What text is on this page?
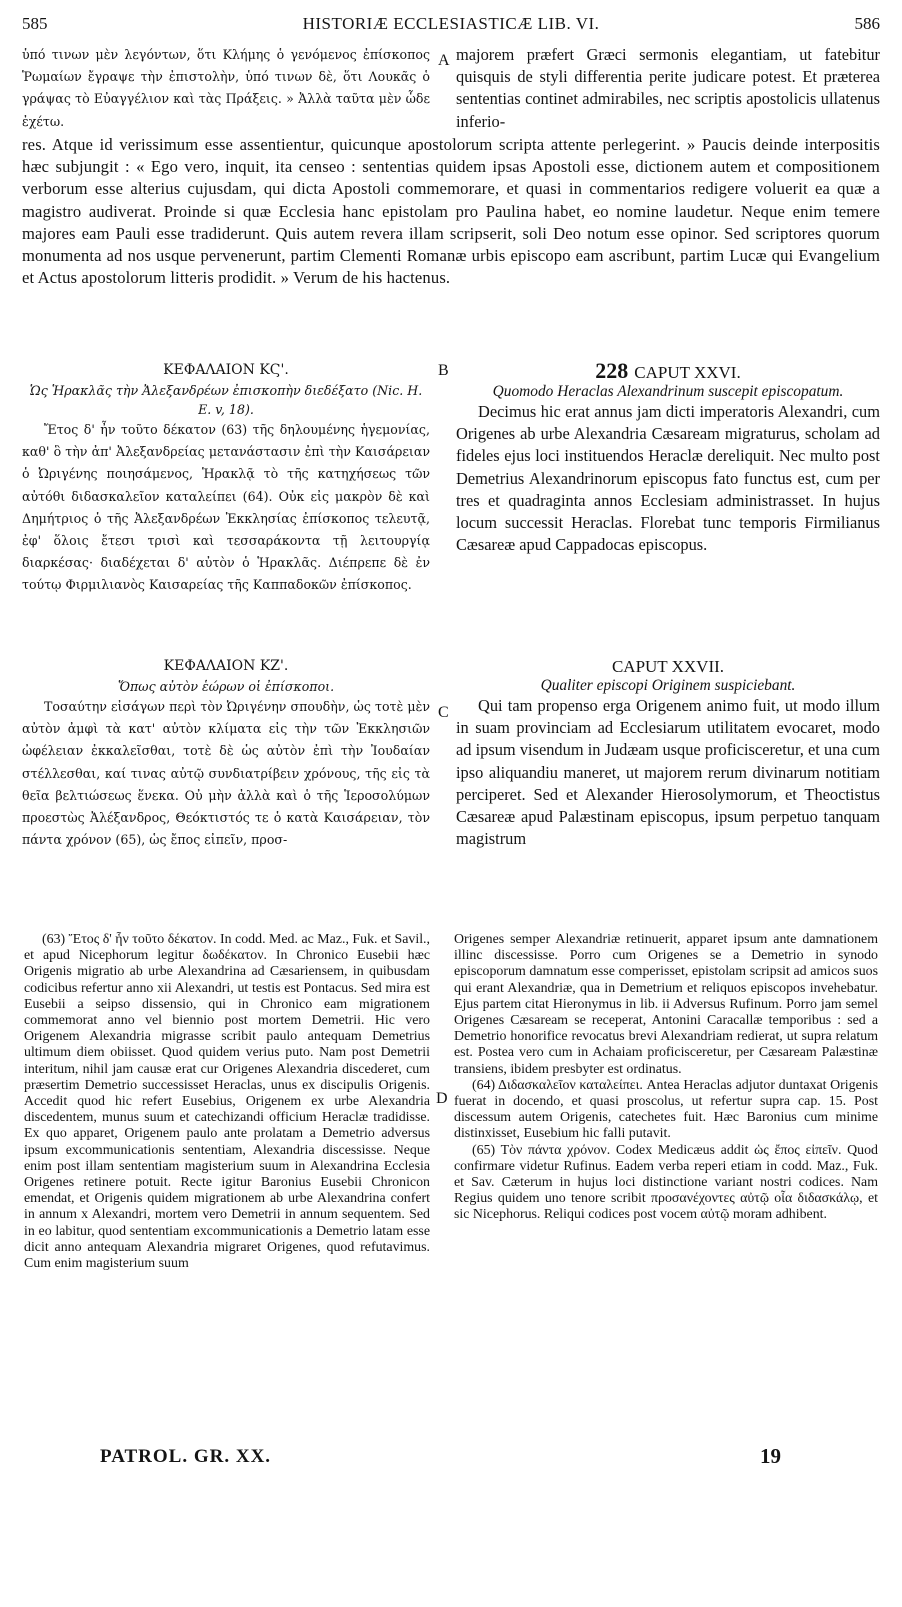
585	HISTORIÆ ECCLESIASTICÆ LIB. VI.	586
ὑπό τινων μὲν λεγόντων, ὅτι Κλήμης ὁ γενόμενος ἐπίσκοπος Ῥωμαίων ἔγραψε τὴν ἐπιστολὴν, ὑπό τινων δὲ, ὅτι Λουκᾶς ὁ γράψας τὸ Εὐαγγέλιον καὶ τὰς Πράξεις. » Ἀλλὰ ταῦτα μὲν ὧδε ἐχέτω.
A majorem præfert Græci sermonis elegantiam, ut fatebitur quisquis de styli differentia perite judicare potest. Et præterea sententias continet admirabiles, nec scriptis apostolicis ullatenus inferio-
res. Atque id verissimum esse assentientur, quicunque apostolorum scripta attente perlegerint. » Paucis deinde interpositis hæc subjungit : « Ego vero, inquit, ita censeo : sententias quidem ipsas Apostoli esse, dictionem autem et compositionem verborum esse alterius cujusdam, qui dicta Apostoli commemorare, et quasi in commentarios redigere voluerit ea quæ a magistro audiverat. Proinde si quæ Ecclesia hanc epistolam pro Paulina habet, eo nomine laudetur. Neque enim temere majores eam Pauli esse tradiderunt. Quis autem revera illam scripserit, soli Deo notum esse opinor. Sed scriptores quorum monumenta ad nos usque pervenerunt, partim Clementi Romanæ urbis episcopo eam ascribunt, partim Lucæ qui Evangelium et Actus apostolorum litteris prodidit. » Verum de his hactenus.
ΚΕΦΑΛΑΙΟΝ ΚϚ'.
Ὡς Ἡρακλᾶς τὴν Ἀλεξανδρέων ἐπισκοπὴν διεδέξατο (Nic. H. E. v, 18).

Ἔτος δ' ἦν τοῦτο δέκατον (63) τῆς δηλουμένης ἡγεμονίας, καθ' ὃ τὴν ἀπ' Ἀλεξανδρείας μετανάστασιν ἐπὶ τὴν Καισάρειαν ὁ Ὠριγένης ποιησάμενος, Ἡρακλᾷ τὸ τῆς κατηχήσεως τῶν αὐτόθι διδασκαλεῖον καταλείπει (64). Οὐκ εἰς μακρὸν δὲ καὶ Δημήτριος ὁ τῆς Ἀλεξανδρέων Ἐκκλησίας ἐπίσκοπος τελευτᾷ, ἐφ' ὅλοις ἔτεσι τρισὶ καὶ τεσσαράκοντα τῇ λειτουργίᾳ διαρκέσας· διαδέχεται δ' αὐτὸν ὁ Ἡρακλᾶς. Διέπρεπε δὲ ἐν τούτῳ Φιρμιλιανὸς Καισαρείας τῆς Καππαδοκῶν ἐπίσκοπος.

B	228 CAPUT XXVI.
Quomodo Heraclas Alexandrinum suscepit episcopatum.

Decimus hic erat annus jam dicti imperatoris Alexandri, cum Origenes ab urbe Alexandria Cæsaream migraturus, scholam ad fideles ejus loci instituendos Heraclæ dereliquit. Nec multo post Demetrius Alexandrinorum episcopus fato functus est, cum per tres et quadraginta annos Ecclesiam administrasset. In hujus locum successit Heraclas. Florebat tunc temporis Firmilianus Cæsareæ apud Cappadocas episcopus.

ΚΕΦΑΛΑΙΟΝ ΚΖ'.
Ὅπως αὐτὸν ἑώρων οἱ ἐπίσκοποι.

Τοσαύτην εἰσάγων περὶ τὸν Ὠριγένην σπουδὴν, ὡς τοτὲ μὲν αὐτὸν ἀμφὶ τὰ κατ' αὐτὸν κλίματα εἰς τὴν τῶν Ἐκκλησιῶν ὠφέλειαν ἐκκαλεῖσθαι, τοτὲ δὲ ὡς αὐτὸν ἐπὶ τὴν Ἰουδαίαν στέλλεσθαι, καί τινας αὐτῷ συνδιατρίβειν χρόνους, τῆς εἰς τὰ θεῖα βελτιώσεως ἕνεκα. Οὐ μὴν ἀλλὰ καὶ ὁ τῆς Ἱεροσολύμων προεστὼς Ἀλέξανδρος, Θεόκτιστός τε ὁ κατὰ Καισάρειαν, τὸν πάντα χρόνον (65), ὡς ἔπος εἰπεῖν, προσ-

C
CAPUT XXVII.
Qualiter episcopi Originem suspiciebant.

Qui tam propenso erga Origenem animo fuit, ut modo illum in suam provinciam ad Ecclesiarum utilitatem evocaret, modo ad ipsum visendum in Judæam usque proficisceretur, et una cum ipso aliquandiu maneret, ut majorem rerum divinarum notitiam perciperet. Sed et Alexander Hierosolymorum, et Theoctistus Cæsareæ apud Palæstinam episcopus, ipsum perpetuo tanquam magistrum

(63) Ἔτος δ' ἦν τοῦτο δέκατον. In codd. Med. ac Maz., Fuk. et Savil., et apud Nicephorum legitur δωδέκατον. In Chronico Eusebii hæc Origenis migratio ab urbe Alexandrina ad Cæsariensem, in quibusdam codicibus refertur anno xii Alexandri, ut testis est Pontacus. Sed mira est Eusebii a seipso dissensio, qui in Chronico eam migrationem commemorat anno vel biennio post mortem Demetrii. Hic vero Origenem Alexandria migrasse scribit paulo antequam Demetrius ultimum diem obiisset. Quod quidem verius puto. Nam post Demetrii interitum, nihil jam causæ erat cur Origenes Alexandria discederet, cum præsertim Demetrio successisset Heraclas, unus ex discipulis Origenis. Accedit quod hic refert Eusebius, Origenem ex urbe Alexandria discedentem, munus suum et catechizandi officium Heraclæ tradidisse. Ex quo apparet, Origenem paulo ante prolatam a Demetrio adversus ipsum excommunicationis sententiam, Alexandria discessisse. Neque enim post illam sententiam magisterium suum in Alexandrina Ecclesia Origenes retinere potuit. Recte igitur Baronius Eusebii Chronicon emendat, et Origenis quidem migrationem ab urbe Alexandrina confert in annum x Alexandri, mortem vero Demetrii in annum sequentem. Sed in eo labitur, quod sententiam excommunicationis a Demetrio latam esse dicit anno antequam Alexandria migraret Origenes, quod refutavimus. Cum enim magisterium suum

D

Origenes semper Alexandriæ retinuerit, apparet ipsum ante damnationem illinc discessisse. Porro cum Origenes se a Demetrio in synodo episcoporum damnatum esse comperisset, epistolam scripsit ad amicos suos qui erant Alexandriæ, qua in Demetrium et reliquos episcopos invehebatur. Ejus partem citat Hieronymus in lib. ii Adversus Rufinum. Porro jam semel Origenes Cæsaream se receperat, Antonini Caracallæ temporibus : sed a Demetrio honorifice revocatus brevi Alexandriam redierat, ut supra relatum est. Postea vero cum in Achaiam proficisceretur, per Cæsaream Palæstinæ transiens, ibidem presbyter est ordinatus.

(64) Διδασκαλεῖον καταλείπει. Antea Heraclas adjutor duntaxat Origenis fuerat in docendo, et quasi proscolus, ut refertur supra cap. 15. Post discessum autem Origenis, catechetes fuit. Hæc Baronius cum minime distinxisset, Eusebium hic falli putavit.

(65) Τὸν πάντα χρόνον. Codex Medicæus addit ὡς ἔπος εἰπεῖν. Quod confirmare videtur Rufinus. Eadem verba reperi etiam in codd. Maz., Fuk. et Sav. Cæterum in hujus loci distinctione variant nostri codices. Nam Regius quidem uno tenore scribit προσανέχοντες αὐτῷ οἷα διδασκάλῳ, et sic Nicephorus. Reliqui codices post vocem αὐτῷ moram adhibent.

PATROL. GR. XX.	19
